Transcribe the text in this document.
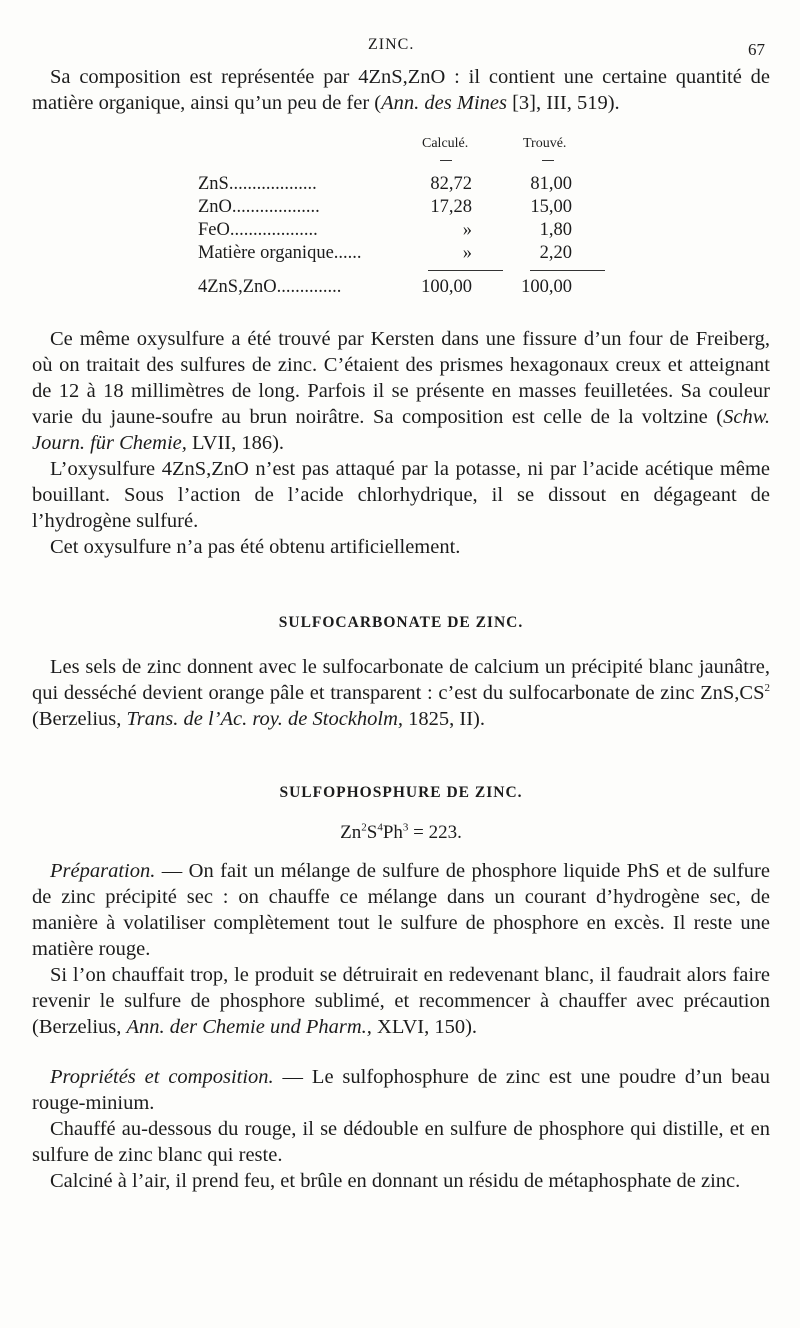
ZINC.	67

Sa composition est représentée par 4ZnS,ZnO : il contient une certaine quantité de matière organique, ainsi qu’un peu de fer (Ann. des Mines [3], III, 519).

Calculé.	Trouvé.
ZnS...................	82,72	81,00
ZnO...................	17,28	15,00
FeO...................	»	1,80
Matière organique......	»	2,20
4ZnS,ZnO..............	100,00	100,00

Ce même oxysulfure a été trouvé par Kersten dans une fissure d’un four de Freiberg, où on traitait des sulfures de zinc. C’étaient des prismes hexagonaux creux et atteignant de 12 à 18 millimètres de long. Parfois il se présente en masses feuilletées. Sa couleur varie du jaune-soufre au brun noirâtre. Sa composition est celle de la voltzine (Schw. Journ. für Chemie, LVII, 186).

L’oxysulfure 4ZnS,ZnO n’est pas attaqué par la potasse, ni par l’acide acétique même bouillant. Sous l’action de l’acide chlorhydrique, il se dissout en dégageant de l’hydrogène sulfuré.

Cet oxysulfure n’a pas été obtenu artificiellement.

SULFOCARBONATE DE ZINC.

Les sels de zinc donnent avec le sulfocarbonate de calcium un précipité blanc jaunâtre, qui desséché devient orange pâle et transparent : c’est du sulfocarbonate de zinc $ZnS,CS^2$ (Berzelius, Trans. de l’Ac. roy. de Stockholm, 1825, II).

SULFOPHOSPHURE DE ZINC.

$Zn^2S^4Ph^3 = 223$.

Préparation. — On fait un mélange de sulfure de phosphore liquide PhS et de sulfure de zinc précipité sec : on chauffe ce mélange dans un courant d’hydrogène sec, de manière à volatiliser complètement tout le sulfure de phosphore en excès. Il reste une matière rouge.

Si l’on chauffait trop, le produit se détruirait en redevenant blanc, il faudrait alors faire revenir le sulfure de phosphore sublimé, et recommencer à chauffer avec précaution (Berzelius, Ann. der Chemie und Pharm., XLVI, 150).

Propriétés et composition. — Le sulfophosphure de zinc est une poudre d’un beau rouge-minium.

Chauffé au-dessous du rouge, il se dédouble en sulfure de phosphore qui distille, et en sulfure de zinc blanc qui reste.

Calciné à l’air, il prend feu, et brûle en donnant un résidu de métaphosphate de zinc.
